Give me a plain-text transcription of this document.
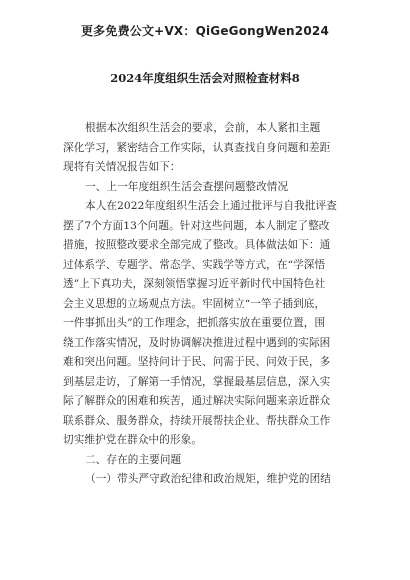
更多免费公文+VX：QiGeGongWen2024
2024年度组织生活会对照检查材料8
根据本次组织生活会的要求，会前，本人紧扣主题
深化学习，紧密结合工作实际，认真查找自身问题和差距
现将有关情况报告如下：
一、上一年度组织生活会查摆问题整改情况
本人在2022年度组织生活会上通过批评与自我批评查
摆了7个方面13个问题。针对这些问题，本人制定了整改
措施，按照整改要求全部完成了整改。具体做法如下：通
过体系学、专题学、常态学、实践学等方式，在“学深悟
透”上下真功夫，深刻领悟掌握习近平新时代中国特色社
会主义思想的立场观点方法。牢固树立“一竿子插到底，
一件事抓出头”的工作理念，把抓落实放在重要位置，围
绕工作落实情况，及时协调解决推进过程中遇到的实际困
难和突出问题。坚持问计于民、问需于民、问效于民，多
到基层走访，了解第一手情况，掌握最基层信息，深入实
际了解群众的困难和疾苦，通过解决实际问题来亲近群众
联系群众、服务群众，持续开展帮扶企业、帮扶群众工作
切实维护党在群众中的形象。
二、存在的主要问题
（一）带头严守政治纪律和政治规矩，维护党的团结
